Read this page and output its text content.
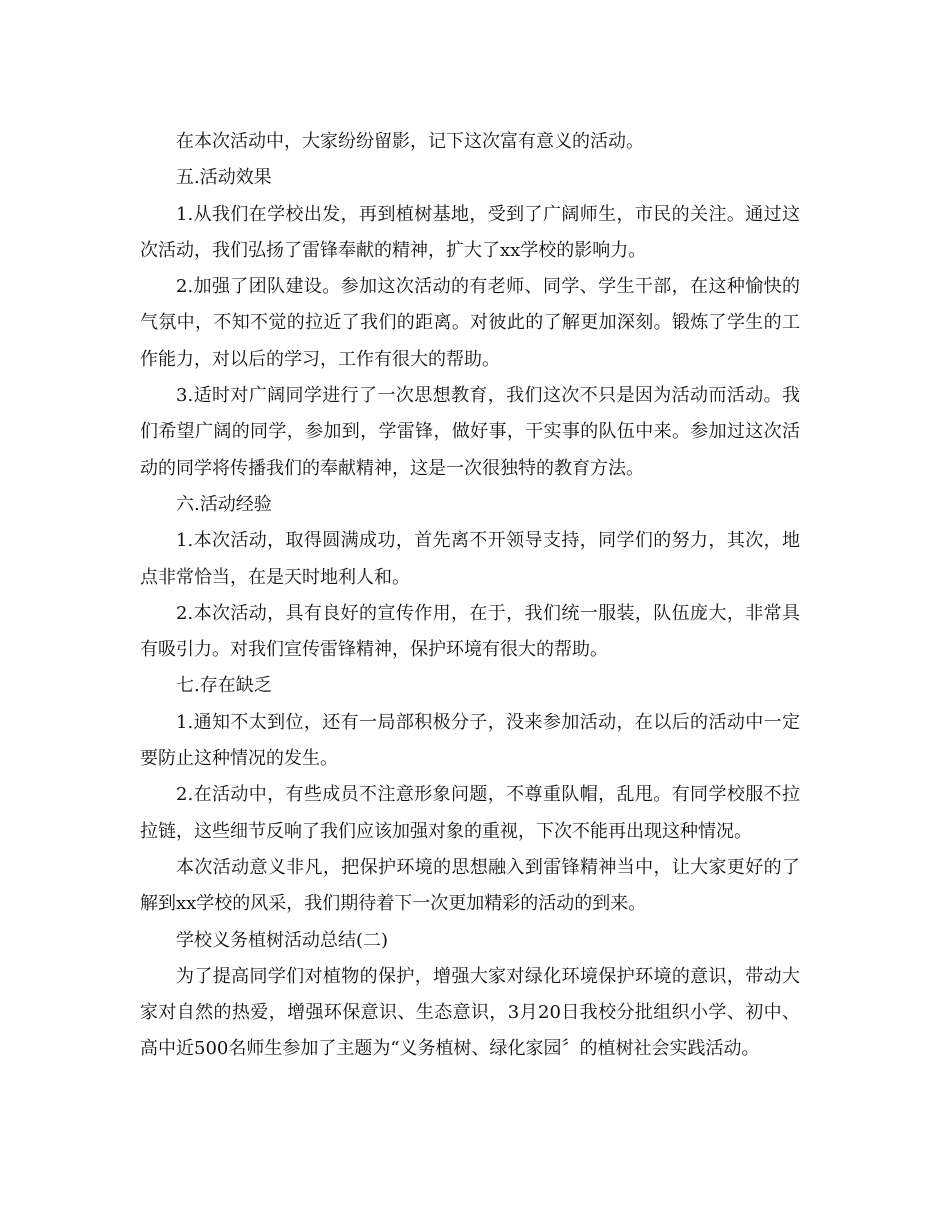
在本次活动中，大家纷纷留影，记下这次富有意义的活动。

五.活动效果

1.从我们在学校出发，再到植树基地，受到了广阔师生，市民的关注。通过这次活动，我们弘扬了雷锋奉献的精神，扩大了xx学校的影响力。

2.加强了团队建设。参加这次活动的有老师、同学、学生干部，在这种愉快的气氛中，不知不觉的拉近了我们的距离。对彼此的了解更加深刻。锻炼了学生的工作能力，对以后的学习，工作有很大的帮助。

3.适时对广阔同学进行了一次思想教育，我们这次不只是因为活动而活动。我们希望广阔的同学，参加到，学雷锋，做好事，干实事的队伍中来。参加过这次活动的同学将传播我们的奉献精神，这是一次很独特的教育方法。

六.活动经验

1.本次活动，取得圆满成功，首先离不开领导支持，同学们的努力，其次，地点非常恰当，在是天时地利人和。

2.本次活动，具有良好的宣传作用，在于，我们统一服装，队伍庞大，非常具有吸引力。对我们宣传雷锋精神，保护环境有很大的帮助。

七.存在缺乏

1.通知不太到位，还有一局部积极分子，没来参加活动，在以后的活动中一定要防止这种情况的发生。

2.在活动中，有些成员不注意形象问题，不尊重队帽，乱甩。有同学校服不拉拉链，这些细节反响了我们应该加强对象的重视，下次不能再出现这种情况。

本次活动意义非凡，把保护环境的思想融入到雷锋精神当中，让大家更好的了解到xx学校的风采，我们期待着下一次更加精彩的活动的到来。

学校义务植树活动总结(二)

为了提高同学们对植物的保护，增强大家对绿化环境保护环境的意识，带动大家对自然的热爱，增强环保意识、生态意识，3月20日我校分批组织小学、初中、高中近500名师生参加了主题为“义务植树、绿化家园〞的植树社会实践活动。
